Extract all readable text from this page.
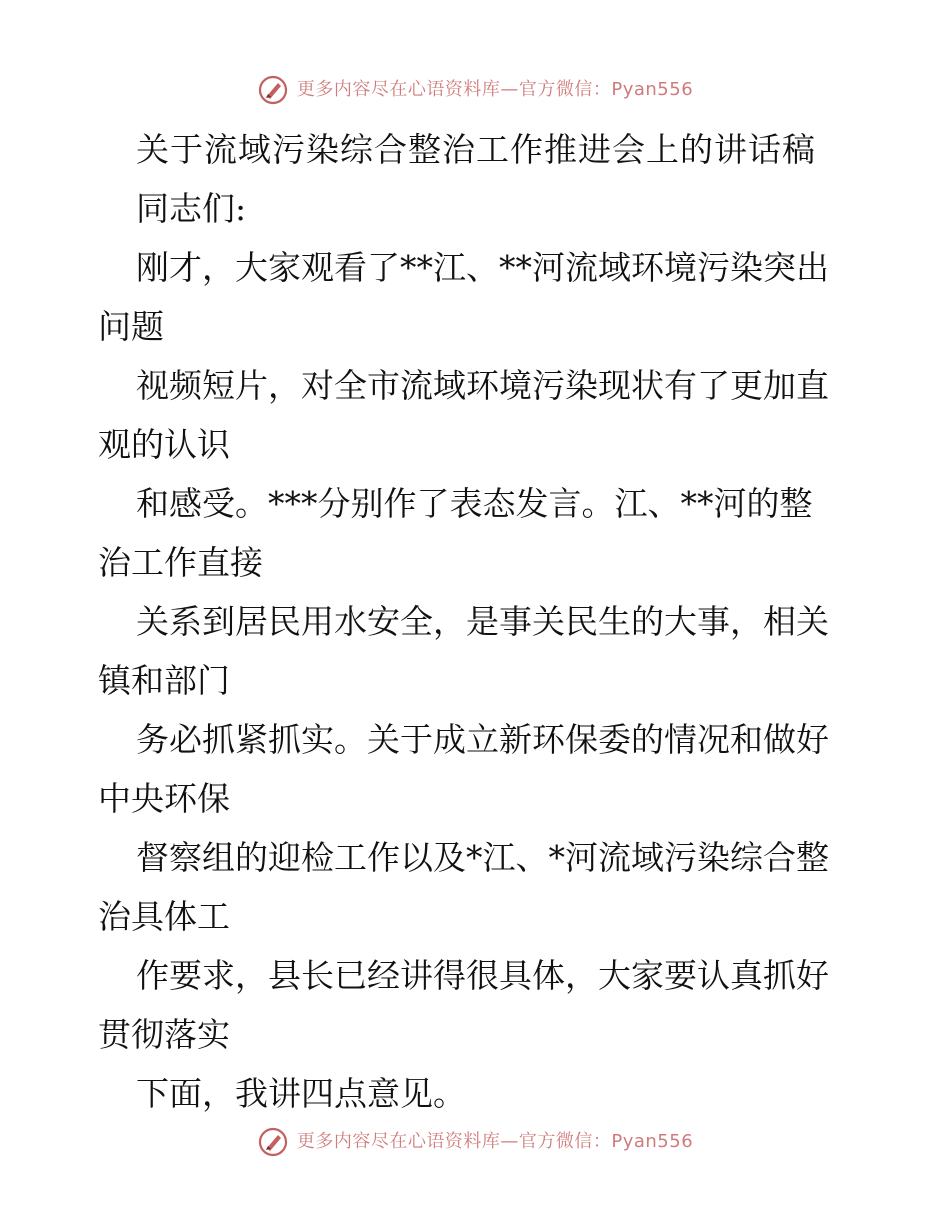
更多内容尽在心语资料库—官方微信：Pyan556
关于流域污染综合整治工作推进会上的讲话稿
同志们:
刚才，大家观看了**江、**河流域环境污染突出
问题
视频短片，对全市流域环境污染现状有了更加直
观的认识
和感受。***分别作了表态发言。江、**河的整
治工作直接
关系到居民用水安全，是事关民生的大事，相关
镇和部门
务必抓紧抓实。关于成立新环保委的情况和做好
中央环保
督察组的迎检工作以及*江、*河流域污染综合整
治具体工
作要求，县长已经讲得很具体，大家要认真抓好
贯彻落实
下面，我讲四点意见。
更多内容尽在心语资料库—官方微信：Pyan556
